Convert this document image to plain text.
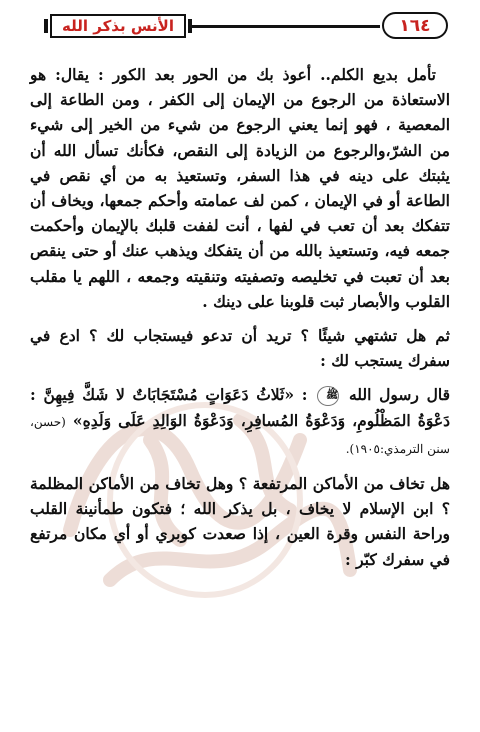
الأنس بذكر الله	١٦٤

تأمل بديع الكلم.. أعوذ بك من الحور بعد الكور : يقال: هو الاستعاذة من الرجوع من الإيمان إلى الكفر ، ومن الطاعة إلى المعصية ، فهو إنما يعني الرجوع من شيء من الخير إلى شيء من الشرّ،والرجوع من الزيادة إلى النقص، فكأنك تسأل الله أن يثبتك على دينه في هذا السفر، وتستعيذ به من أي نقص في الطاعة أو في الإيمان ، كمن لف عمامته وأحكم جمعها، ويخاف أن تتفكك بعد أن تعب في لفها ، أنت لففت قلبك بالإيمان وأحكمت جمعه فيه، وتستعيذ بالله من أن يتفكك ويذهب عنك أو حتى ينقص بعد أن تعبت في تخليصه وتصفيته وتنقيته وجمعه ، اللهم يا مقلب القلوب والأبصار ثبت قلوبنا على دينك .

ثم هل تشتهي شيئًا ؟ تريد أن تدعو فيستجاب لك ؟ ادع في سفرك يستجب لك :

قال رسول الله ﷺ : «ثَلاثُ دَعَوَاتٍ مُسْتَجَابَاتٌ لا شَكَّ فِيهِنَّ : دَعْوَةُ المَظْلُومِ، وَدَعْوَةُ المُسافِرِ، وَدَعْوَةُ الوَالِدِ عَلَى وَلَدِهِ» (حسن، سنن الترمذي:١٩٠٥).

هل تخاف من الأماكن المرتفعة ؟ وهل تخاف من الأماكن المظلمة ؟ ابن الإسلام لا يخاف ، بل يذكر الله ؛ فتكون طمأنينة القلب وراحة النفس وقرة العين ، إذا صعدت كوبري أو أي مكان مرتفع في سفرك كبّر :
